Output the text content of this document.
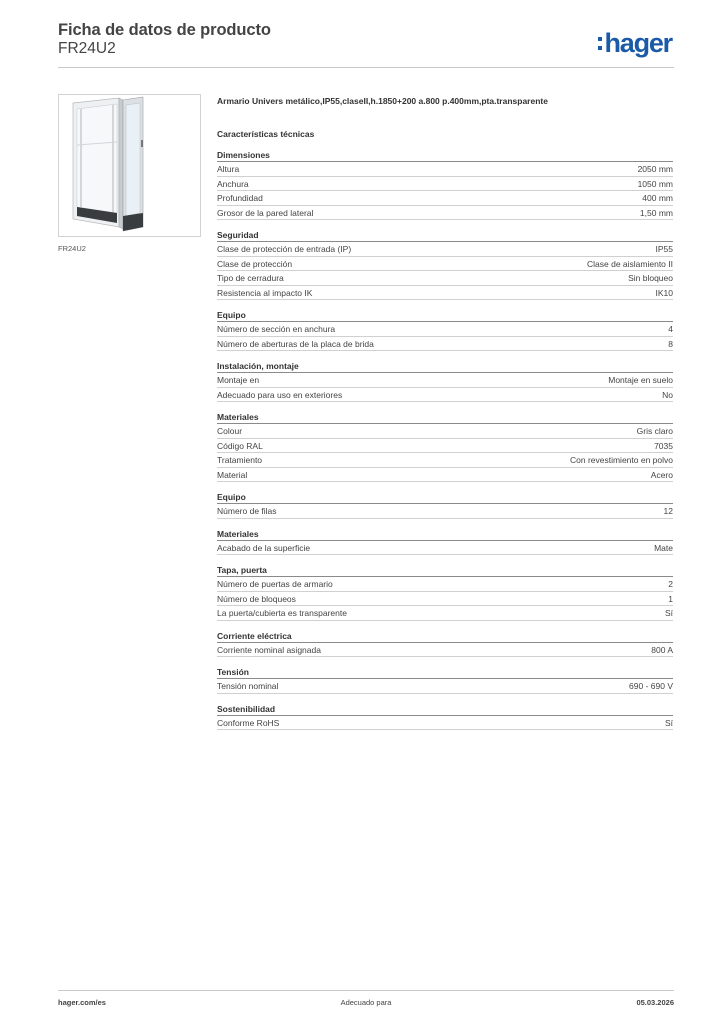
Ficha de datos de producto
FR24U2	hager
FR24U2
Armario Univers metálico,IP55,claseII,h.1850+200 a.800 p.400mm,pta.transparente
Características técnicas
Dimensiones
Altura	2050 mm
Anchura	1050 mm
Profundidad	400 mm
Grosor de la pared lateral	1,50 mm
Seguridad
Clase de protección de entrada (IP)	IP55
Clase de protección	Clase de aislamiento II
Tipo de cerradura	Sin bloqueo
Resistencia al impacto IK	IK10
Equipo
Número de sección en anchura	4
Número de aberturas de la placa de brida	8
Instalación, montaje
Montaje en	Montaje en suelo
Adecuado para uso en exteriores	No
Materiales
Colour	Gris claro
Código RAL	7035
Tratamiento	Con revestimiento en polvo
Material	Acero
Equipo
Número de filas	12
Materiales
Acabado de la superficie	Mate
Tapa, puerta
Número de puertas de armario	2
Número de bloqueos	1
La puerta/cubierta es transparente	Sí
Corriente eléctrica
Corriente nominal asignada	800 A
Tensión
Tensión nominal	690 - 690 V
Sostenibilidad
Conforme RoHS	Sí
hager.com/es	Adecuado para	05.03.2026
